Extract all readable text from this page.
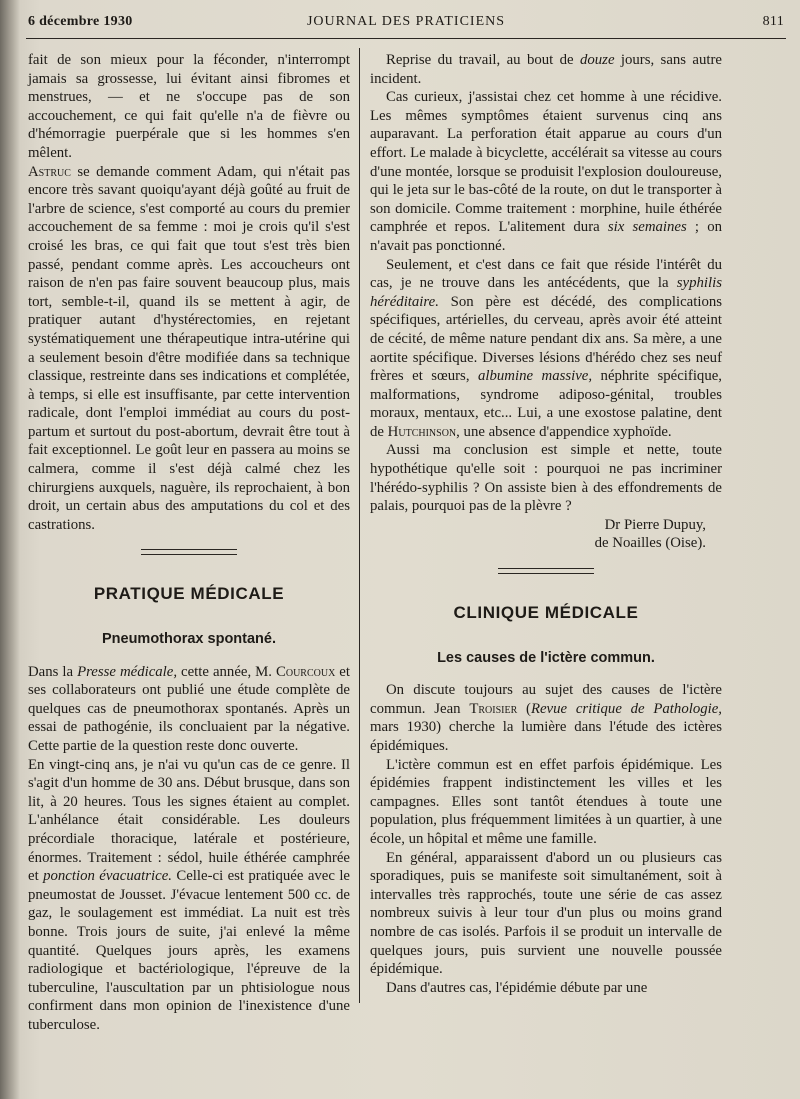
6 décembre 1930	JOURNAL DES PRATICIENS	811

fait de son mieux pour la féconder, n'interrompt jamais sa grossesse, lui évitant ainsi fibromes et menstrues, — et ne s'occupe pas de son accouchement, ce qui fait qu'elle n'a de fièvre ou d'hémorragie puerpérale que si les hommes s'en mêlent.

Astruc se demande comment Adam, qui n'était pas encore très savant quoiqu'ayant déjà goûté au fruit de l'arbre de science, s'est comporté au cours du premier accouchement de sa femme : moi je crois qu'il s'est croisé les bras, ce qui fait que tout s'est très bien passé, pendant comme après. Les accoucheurs ont raison de n'en pas faire souvent beaucoup plus, mais tort, semble-t-il, quand ils se mettent à agir, de pratiquer autant d'hystérectomies, en rejetant systématiquement une thérapeutique intra-utérine qui a seulement besoin d'être modifiée dans sa technique classique, restreinte dans ses indications et complétée, à temps, si elle est insuffisante, par cette intervention radicale, dont l'emploi immédiat au cours du post-partum et surtout du post-abortum, devrait être tout à fait exceptionnel. Le goût leur en passera au moins se calmera, comme il s'est déjà calmé chez les chirurgiens auxquels, naguère, ils reprochaient, à bon droit, un certain abus des amputations du col et des castrations.

PRATIQUE MÉDICALE
Pneumothorax spontané.

Dans la Presse médicale, cette année, M. Courcoux et ses collaborateurs ont publié une étude complète de quelques cas de pneumothorax spontanés. Après un essai de pathogénie, ils concluaient par la négative. Cette partie de la question reste donc ouverte.

En vingt-cinq ans, je n'ai vu qu'un cas de ce genre. Il s'agit d'un homme de 30 ans. Début brusque, dans son lit, à 20 heures. Tous les signes étaient au complet. L'anhélance était considérable. Les douleurs précordiale thoracique, latérale et postérieure, énormes. Traitement : sédol, huile éthérée camphrée et ponction évacuatrice. Celle-ci est pratiquée avec le pneumostat de Jousset. J'évacue lentement 500 cc. de gaz, le soulagement est immédiat. La nuit est très bonne. Trois jours de suite, j'ai enlevé la même quantité. Quelques jours après, les examens radiologique et bactériologique, l'épreuve de la tuberculine, l'auscultation par un phtisiologue nous confirment dans mon opinion de l'inexistence d'une tuberculose.

Reprise du travail, au bout de douze jours, sans autre incident.

Cas curieux, j'assistai chez cet homme à une récidive. Les mêmes symptômes étaient survenus cinq ans auparavant. La perforation était apparue au cours d'un effort. Le malade à bicyclette, accélérait sa vitesse au cours d'une montée, lorsque se produisit l'explosion douloureuse, qui le jeta sur le bas-côté de la route, on dut le transporter à son domicile. Comme traitement : morphine, huile éthérée camphrée et repos. L'alitement dura six semaines ; on n'avait pas ponctionné.

Seulement, et c'est dans ce fait que réside l'intérêt du cas, je ne trouve dans les antécédents, que la syphilis héréditaire. Son père est décédé, des complications spécifiques, artérielles, du cerveau, après avoir été atteint de cécité, de même nature pendant dix ans. Sa mère, a une aortite spécifique. Diverses lésions d'hérédo chez ses neuf frères et sœurs, albumine massive, néphrite spécifique, malformations, syndrome adiposo-génital, troubles moraux, mentaux, etc... Lui, a une exostose palatine, dent de Hutchinson, une absence d'appendice xyphoïde.

Aussi ma conclusion est simple et nette, toute hypothétique qu'elle soit : pourquoi ne pas incriminer l'hérédo-syphilis ? On assiste bien à des effondrements de palais, pourquoi pas de la plèvre ?

Dr Pierre Dupuy,
de Noailles (Oise).
CLINIQUE MÉDICALE
Les causes de l'ictère commun.

On discute toujours au sujet des causes de l'ictère commun. Jean Troisier (Revue critique de Pathologie, mars 1930) cherche la lumière dans l'étude des ictères épidémiques.

L'ictère commun est en effet parfois épidémique. Les épidémies frappent indistinctement les villes et les campagnes. Elles sont tantôt étendues à toute une population, plus fréquemment limitées à un quartier, à une école, un hôpital et même une famille.

En général, apparaissent d'abord un ou plusieurs cas sporadiques, puis se manifeste soit simultanément, soit à intervalles très rapprochés, toute une série de cas assez nombreux suivis à leur tour d'un plus ou moins grand nombre de cas isolés. Parfois il se produit un intervalle de quelques jours, puis survient une nouvelle poussée épidémique.

Dans d'autres cas, l'épidémie débute par une
